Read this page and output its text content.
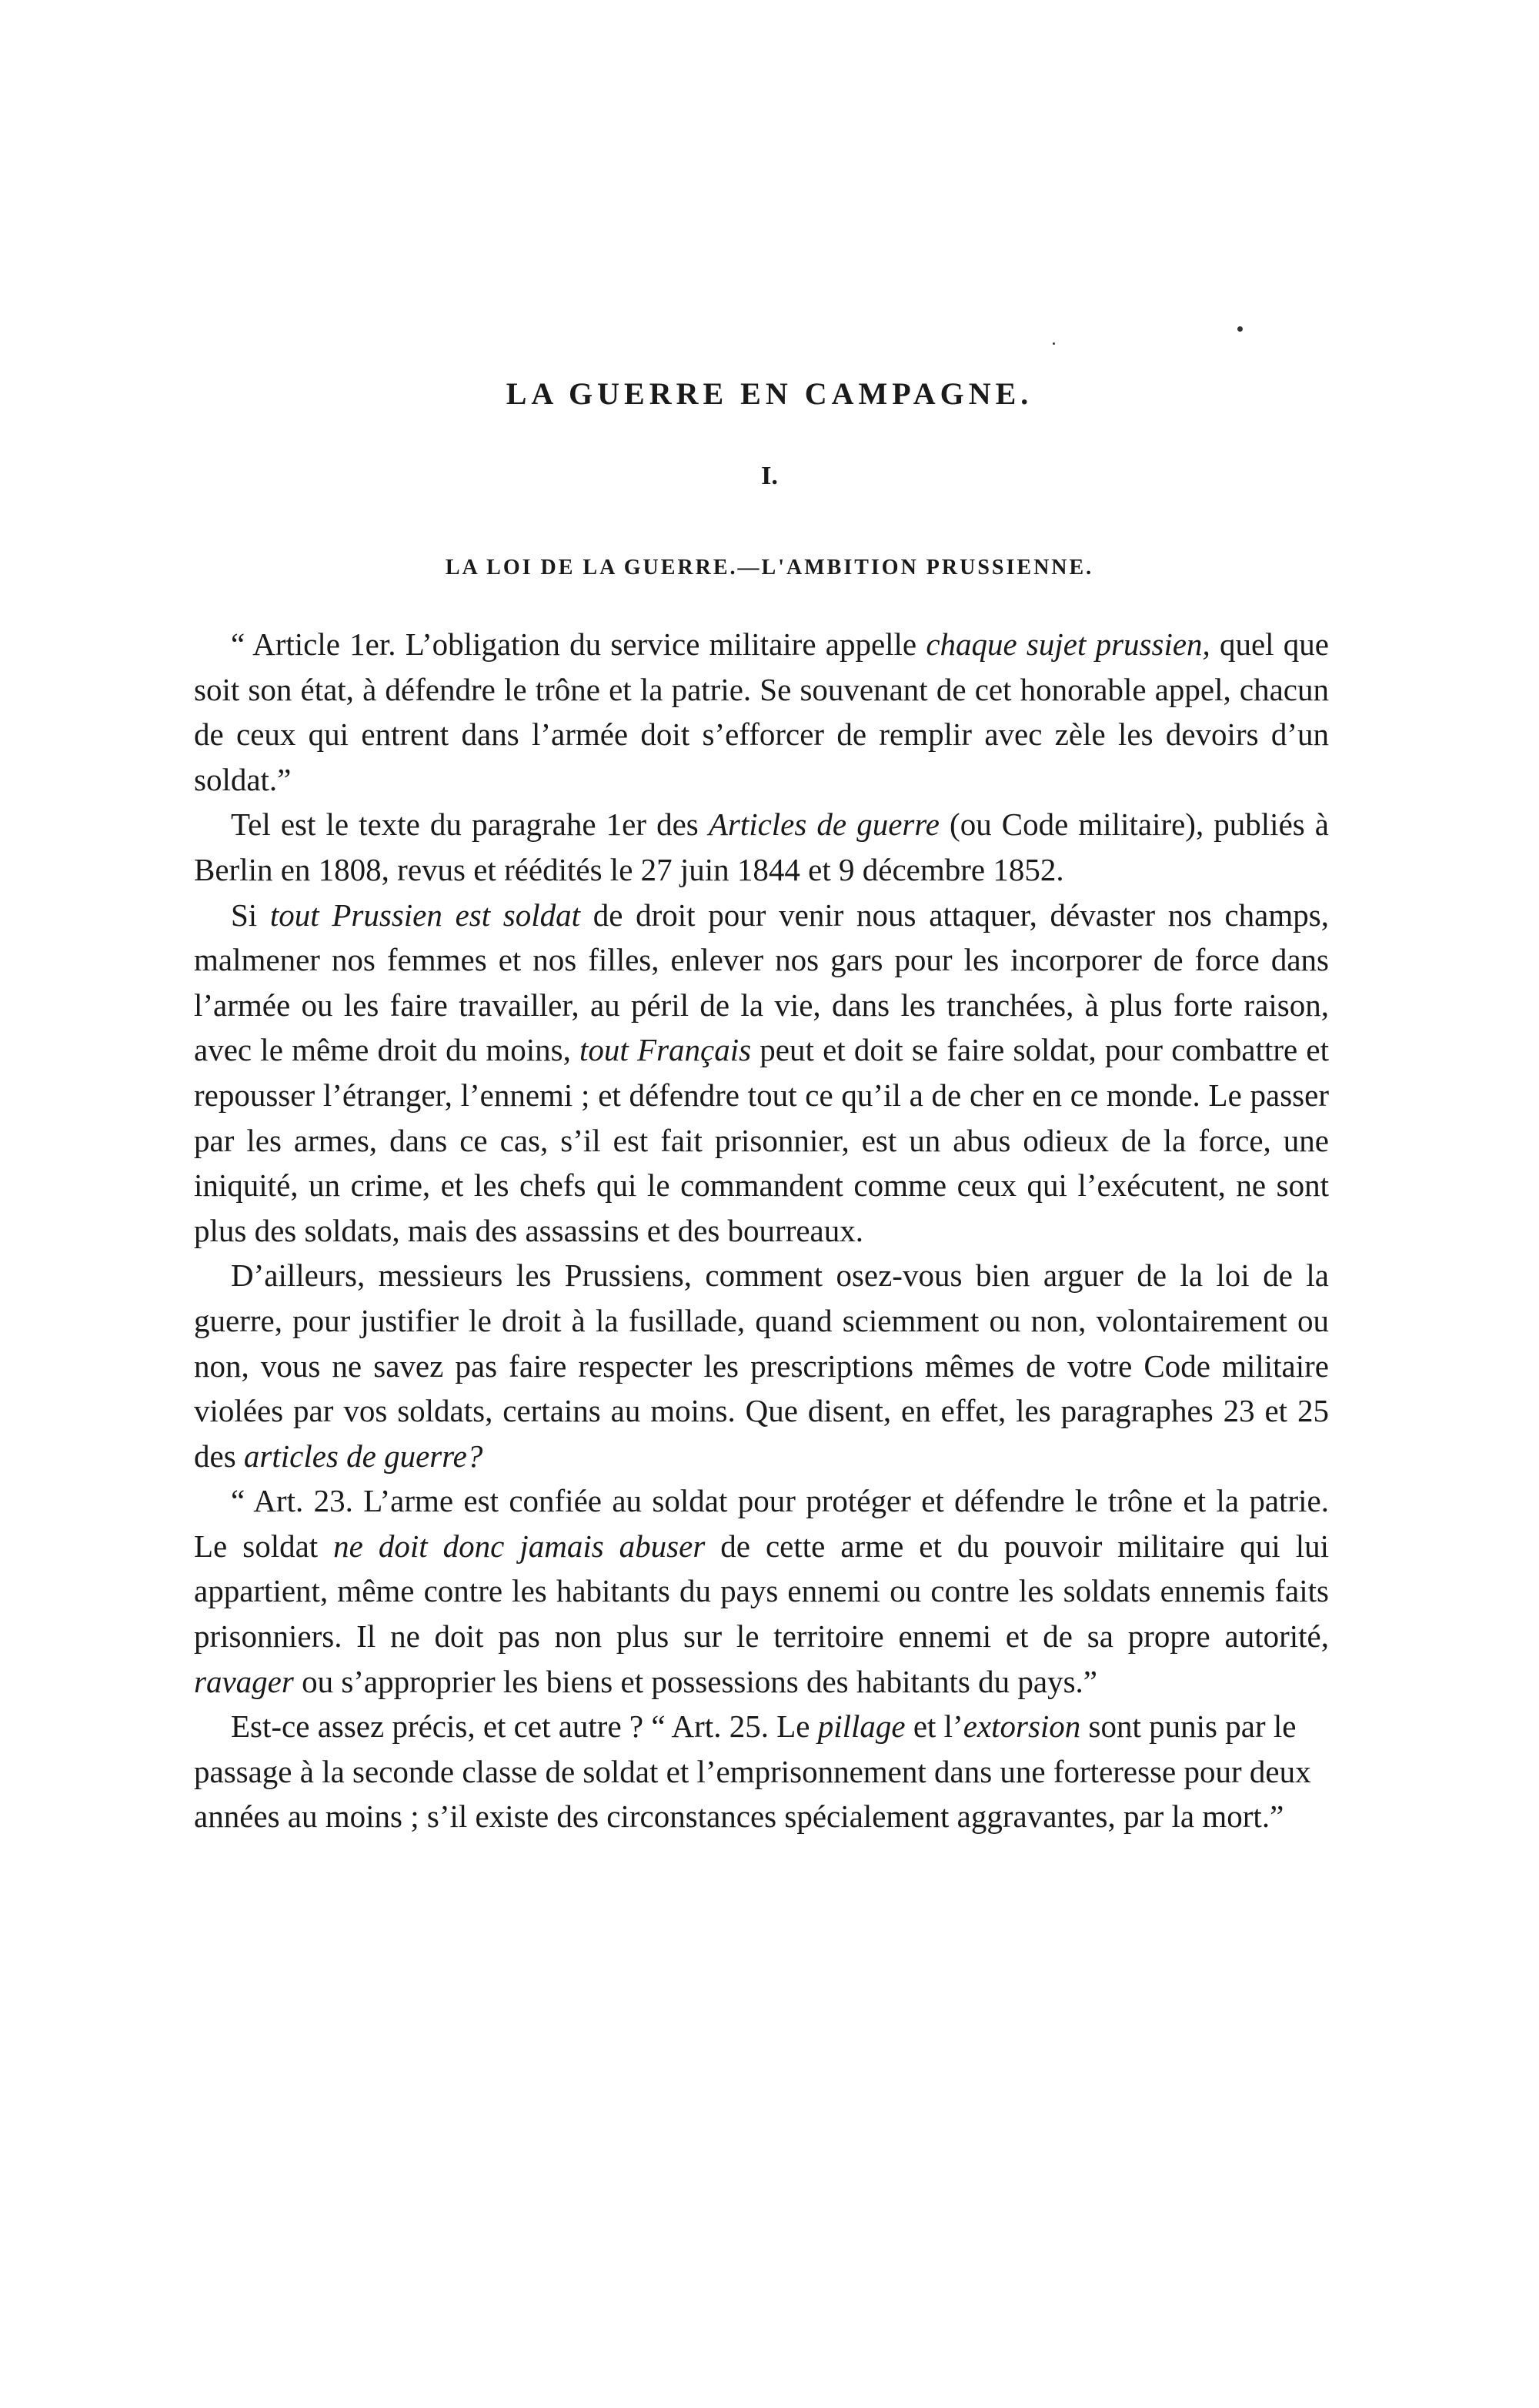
LA GUERRE EN CAMPAGNE.
I.
LA LOI DE LA GUERRE.—L'AMBITION PRUSSIENNE.

“ Article 1er. L’obligation du service militaire appelle chaque sujet prussien, quel que soit son état, à défendre le trône et la patrie. Se souvenant de cet honorable appel, chacun de ceux qui entrent dans l’armée doit s’efforcer de remplir avec zèle les devoirs d’un soldat.”

Tel est le texte du paragrahe 1er des Articles de guerre (ou Code militaire), publiés à Berlin en 1808, revus et réédités le 27 juin 1844 et 9 décembre 1852.

Si tout Prussien est soldat de droit pour venir nous attaquer, dévaster nos champs, malmener nos femmes et nos filles, enlever nos gars pour les incorporer de force dans l’armée ou les faire travailler, au péril de la vie, dans les tranchées, à plus forte raison, avec le même droit du moins, tout Français peut et doit se faire soldat, pour combattre et repousser l’étranger, l’ennemi ; et défendre tout ce qu’il a de cher en ce monde. Le passer par les armes, dans ce cas, s’il est fait prisonnier, est un abus odieux de la force, une iniquité, un crime, et les chefs qui le commandent comme ceux qui l’exécutent, ne sont plus des soldats, mais des assassins et des bourreaux.

D’ailleurs, messieurs les Prussiens, comment osez-vous bien arguer de la loi de la guerre, pour justifier le droit à la fusillade, quand sciemment ou non, volontairement ou non, vous ne savez pas faire respecter les prescriptions mêmes de votre Code militaire violées par vos soldats, certains au moins. Que disent, en effet, les paragraphes 23 et 25 des articles de guerre?

“ Art. 23. L’arme est confiée au soldat pour protéger et défendre le trône et la patrie. Le soldat ne doit donc jamais abuser de cette arme et du pouvoir militaire qui lui appartient, même contre les habitants du pays ennemi ou contre les soldats ennemis faits prisonniers. Il ne doit pas non plus sur le territoire ennemi et de sa propre autorité, ravager ou s’approprier les biens et possessions des habitants du pays.”

Est-ce assez précis, et cet autre ? “ Art. 25. Le pillage et l’extorsion sont punis par le passage à la seconde classe de soldat et l’emprisonnement dans une forteresse pour deux années au moins ; s’il existe des circonstances spécialement aggravantes, par la mort.”
